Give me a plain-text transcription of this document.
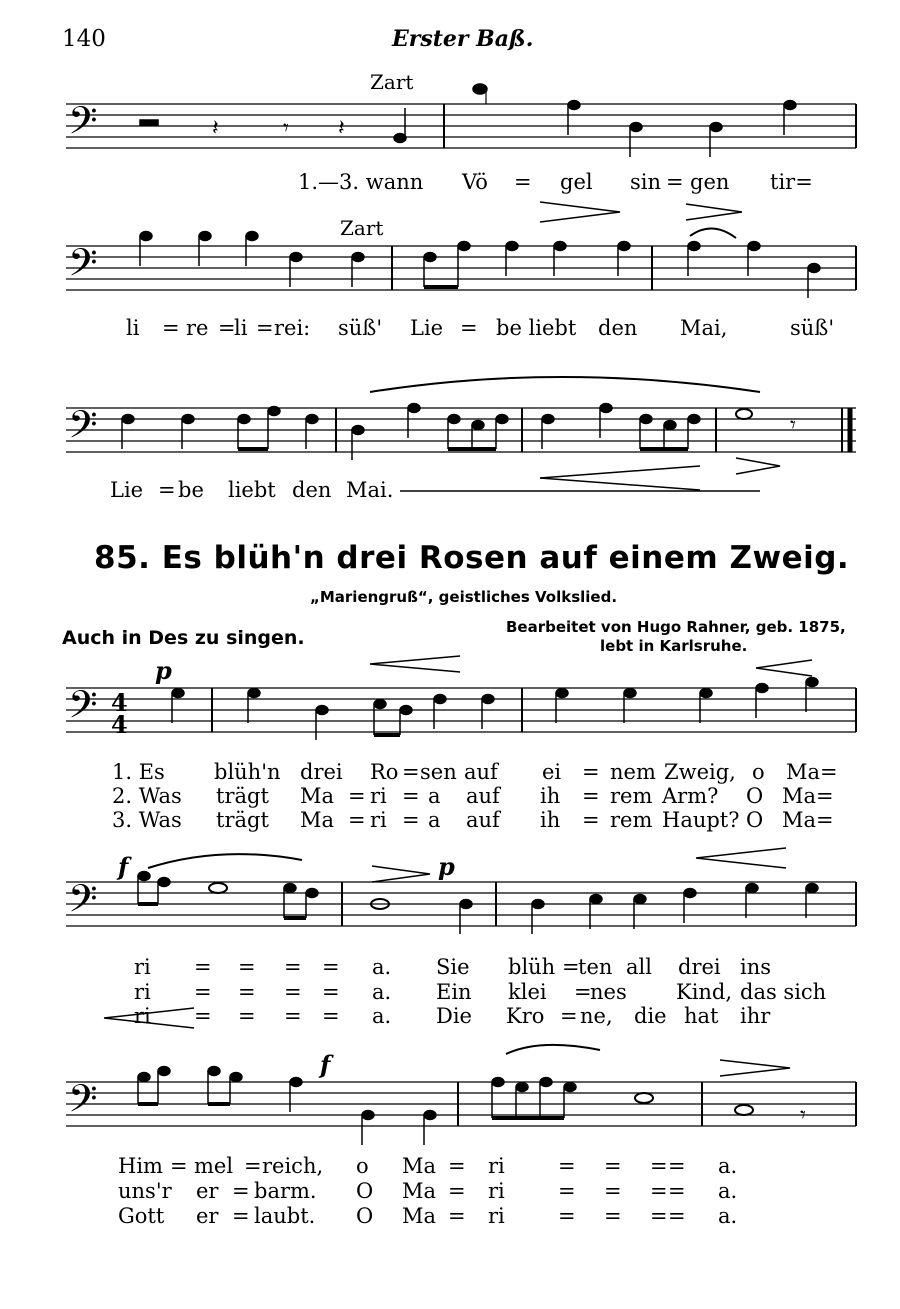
140	Erster Baß.
𝄢
𝄢
𝄢
𝄢
𝄢
𝄢
𝄽	𝄾 𝄽
𝄾
4
4
𝄾
Zart
Zart
1.—3. wann Vö = gel sin = gen tir=
li = re =
li = rei: süß' Lie = be liebt den Mai,	süß'
Lie = be liebt den Mai.
85. Es blüh'n drei Rosen auf einem Zweig.
„Mariengruß“, geistliches Volkslied.
Bearbeitet von Hugo Rahner, geb. 1875,
lebt in Karlsruhe.
Auch in Des zu singen.
p
f	p
f
1. Es blüh'n drei Ro = sen auf ei = nem Zweig, o Ma=
2. Was trägt Ma = ri = a auf ih = rem Arm? O Ma=
3. Was trägt Ma = ri = a auf ih = rem Haupt? O Ma=
ri = = = = a. Sie blüh =
ten all drei ins
ri = = = = a. Ein klei =
nes Kind, das sich
ri = = = = a. Die Kro = ne, die hat ihr
Him = mel = reich, o Ma = ri	= = = = a.
uns'r er = barm. O Ma = ri	= = = = a.
Gott er = laubt. O Ma = ri	= = = = a.
